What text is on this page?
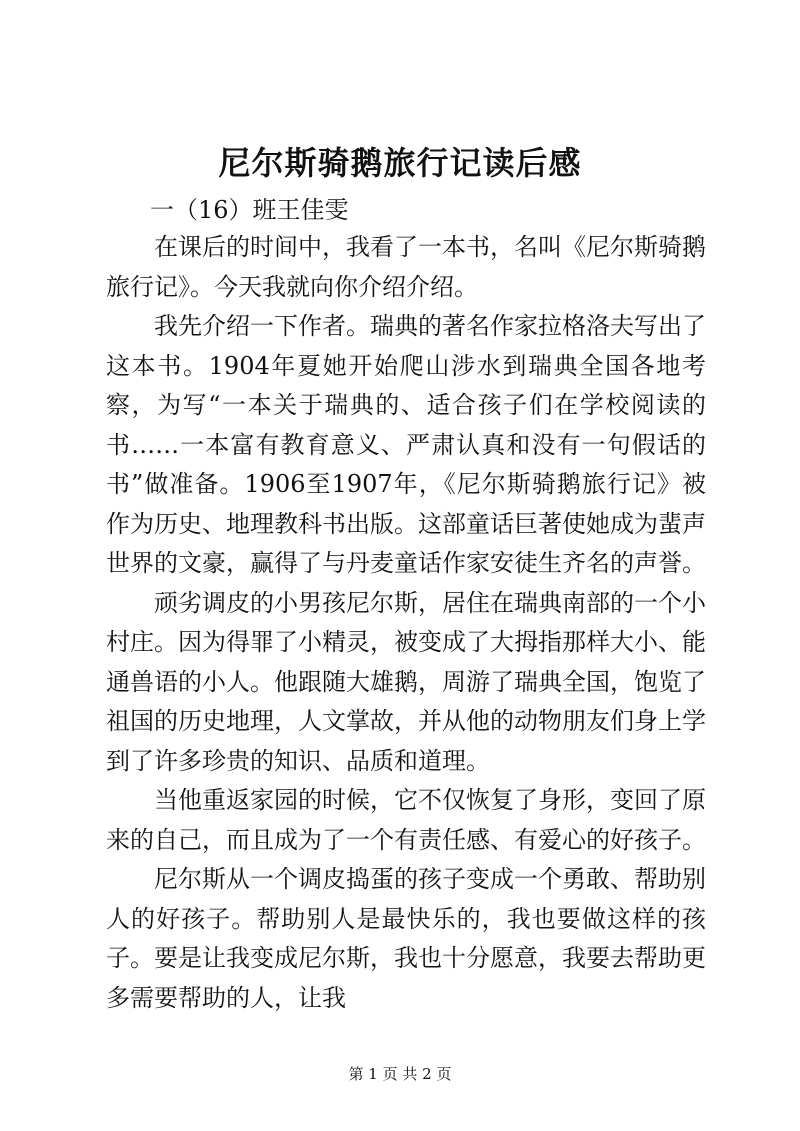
尼尔斯骑鹅旅行记读后感
一（16）班王佳雯

在课后的时间中，我看了一本书，名叫《尼尔斯骑鹅旅行记》。今天我就向你介绍介绍。

我先介绍一下作者。瑞典的著名作家拉格洛夫写出了这本书。1904年夏她开始爬山涉水到瑞典全国各地考察，为写“一本关于瑞典的、适合孩子们在学校阅读的书……一本富有教育意义、严肃认真和没有一句假话的书”做准备。1906至1907年，《尼尔斯骑鹅旅行记》被作为历史、地理教科书出版。这部童话巨著使她成为蜚声世界的文豪，赢得了与丹麦童话作家安徒生齐名的声誉。

顽劣调皮的小男孩尼尔斯，居住在瑞典南部的一个小村庄。因为得罪了小精灵，被变成了大拇指那样大小、能通兽语的小人。他跟随大雄鹅，周游了瑞典全国，饱览了祖国的历史地理，人文掌故，并从他的动物朋友们身上学到了许多珍贵的知识、品质和道理。

当他重返家园的时候，它不仅恢复了身形，变回了原来的自己，而且成为了一个有责任感、有爱心的好孩子。

尼尔斯从一个调皮捣蛋的孩子变成一个勇敢、帮助别人的好孩子。帮助别人是最快乐的，我也要做这样的孩子。要是让我变成尼尔斯，我也十分愿意，我要去帮助更多需要帮助的人，让我

第 1 页 共 2 页
